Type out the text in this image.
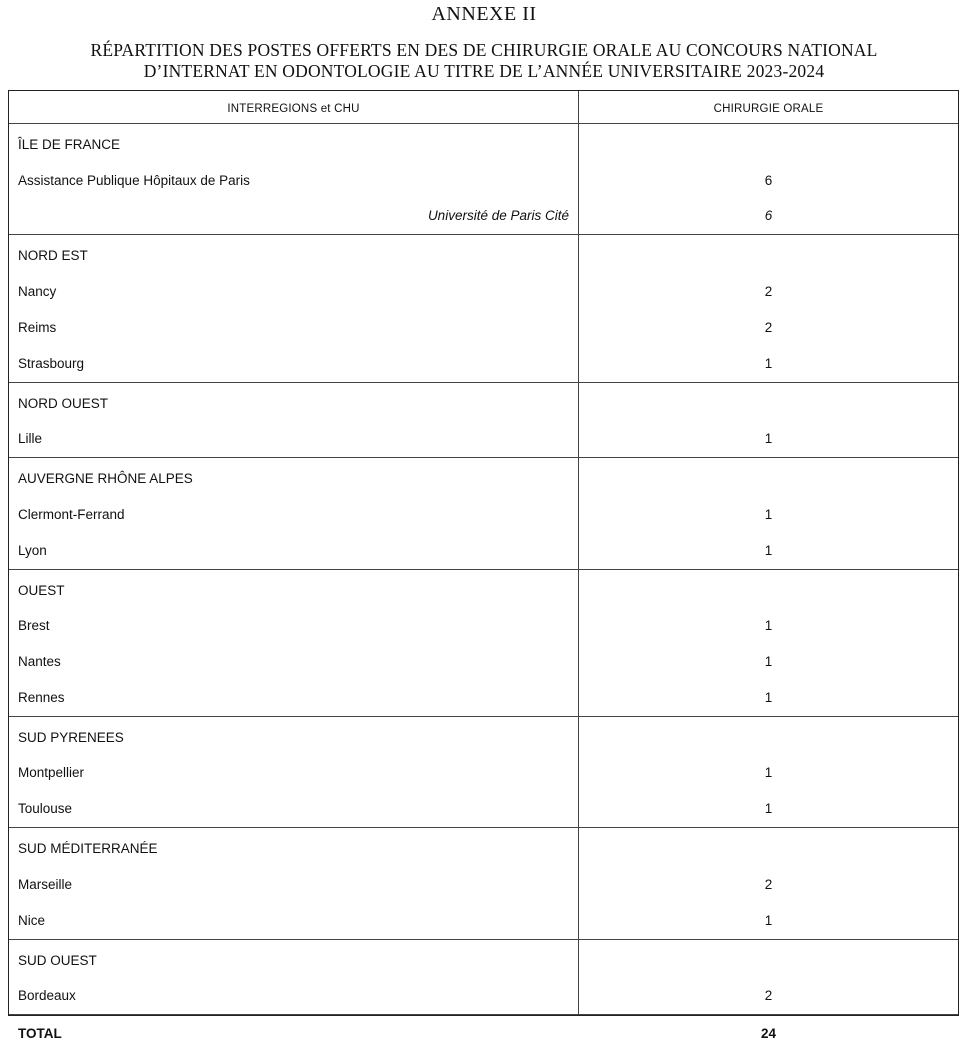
ANNEXE II
RÉPARTITION DES POSTES OFFERTS EN DES DE CHIRURGIE ORALE AU CONCOURS NATIONAL
D’INTERNAT EN ODONTOLOGIE AU TITRE DE L’ANNÉE UNIVERSITAIRE 2023-2024
INTERREGIONS et CHU	CHIRURGIE ORALE
ÎLE DE FRANCE
Assistance Publique Hôpitaux de Paris	6
Université de Paris Cité	6
NORD EST
Nancy	2
Reims	2
Strasbourg	1
NORD OUEST
Lille	1
AUVERGNE RHÔNE ALPES
Clermont-Ferrand	1
Lyon	1
OUEST
Brest	1
Nantes	1
Rennes	1
SUD PYRENEES
Montpellier	1
Toulouse	1
SUD MÉDITERRANÉE
Marseille	2
Nice	1
SUD OUEST
Bordeaux	2
TOTAL	24
